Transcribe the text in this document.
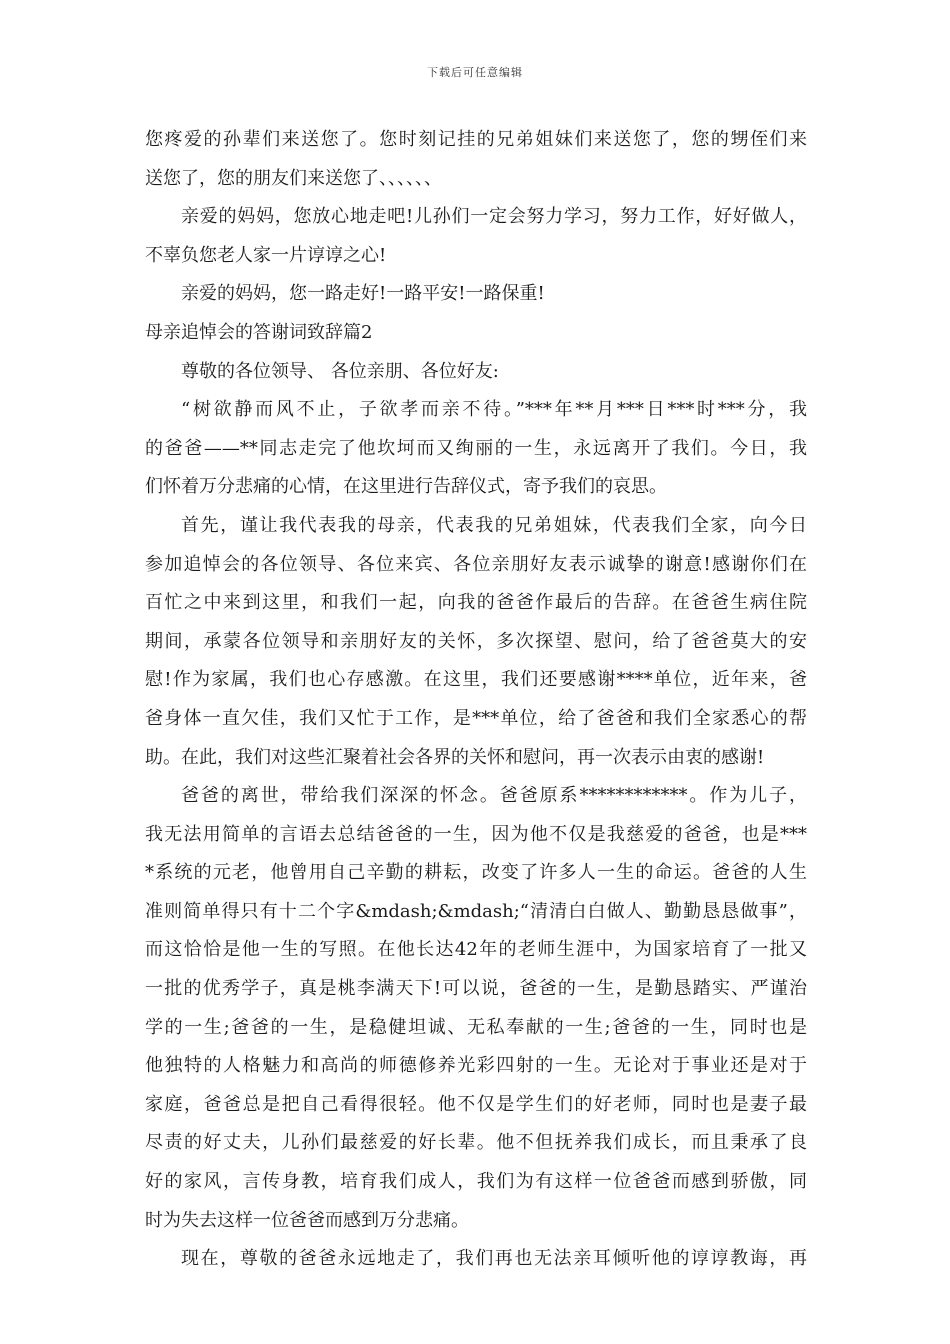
下载后可任意编辑
您疼爱的孙辈们来送您了。您时刻记挂的兄弟姐妹们来送您了，您的甥侄们来
送您了，您的朋友们来送您了、、、、、、
亲爱的妈妈，您放心地走吧!儿孙们一定会努力学习，努力工作，好好做人，
不辜负您老人家一片谆谆之心!
亲爱的妈妈，您一路走好!一路平安!一路保重!
母亲追悼会的答谢词致辞篇2
尊敬的各位领导、 各位亲朋、各位好友:
“树欲静而风不止，子欲孝而亲不待。”***年**月***日***时***分，我
的爸爸——**同志走完了他坎坷而又绚丽的一生，永远离开了我们。今日，我
们怀着万分悲痛的心情，在这里进行告辞仪式，寄予我们的哀思。
首先，谨让我代表我的母亲，代表我的兄弟姐妹，代表我们全家，向今日
参加追悼会的各位领导、各位来宾、各位亲朋好友表示诚挚的谢意!感谢你们在
百忙之中来到这里，和我们一起，向我的爸爸作最后的告辞。在爸爸生病住院
期间，承蒙各位领导和亲朋好友的关怀，多次探望、慰问，给了爸爸莫大的安
慰!作为家属，我们也心存感激。在这里，我们还要感谢****单位，近年来，爸
爸身体一直欠佳，我们又忙于工作，是***单位，给了爸爸和我们全家悉心的帮
助。在此，我们对这些汇聚着社会各界的关怀和慰问，再一次表示由衷的感谢!
爸爸的离世，带给我们深深的怀念。爸爸原系************。作为儿子，
我无法用简单的言语去总结爸爸的一生，因为他不仅是我慈爱的爸爸，也是***
*系统的元老，他曾用自己辛勤的耕耘，改变了许多人一生的命运。爸爸的人生
准则简单得只有十二个字&mdash;&mdash;“清清白白做人、勤勤恳恳做事”，
而这恰恰是他一生的写照。在他长达42年的老师生涯中，为国家培育了一批又
一批的优秀学子，真是桃李满天下!可以说，爸爸的一生，是勤恳踏实、严谨治
学的一生;爸爸的一生，是稳健坦诚、无私奉献的一生;爸爸的一生，同时也是
他独特的人格魅力和高尚的师德修养光彩四射的一生。无论对于事业还是对于
家庭，爸爸总是把自己看得很轻。他不仅是学生们的好老师，同时也是妻子最
尽责的好丈夫，儿孙们最慈爱的好长辈。他不但抚养我们成长，而且秉承了良
好的家风，言传身教，培育我们成人，我们为有这样一位爸爸而感到骄傲，同
时为失去这样一位爸爸而感到万分悲痛。
现在，尊敬的爸爸永远地走了，我们再也无法亲耳倾听他的谆谆教诲，再
